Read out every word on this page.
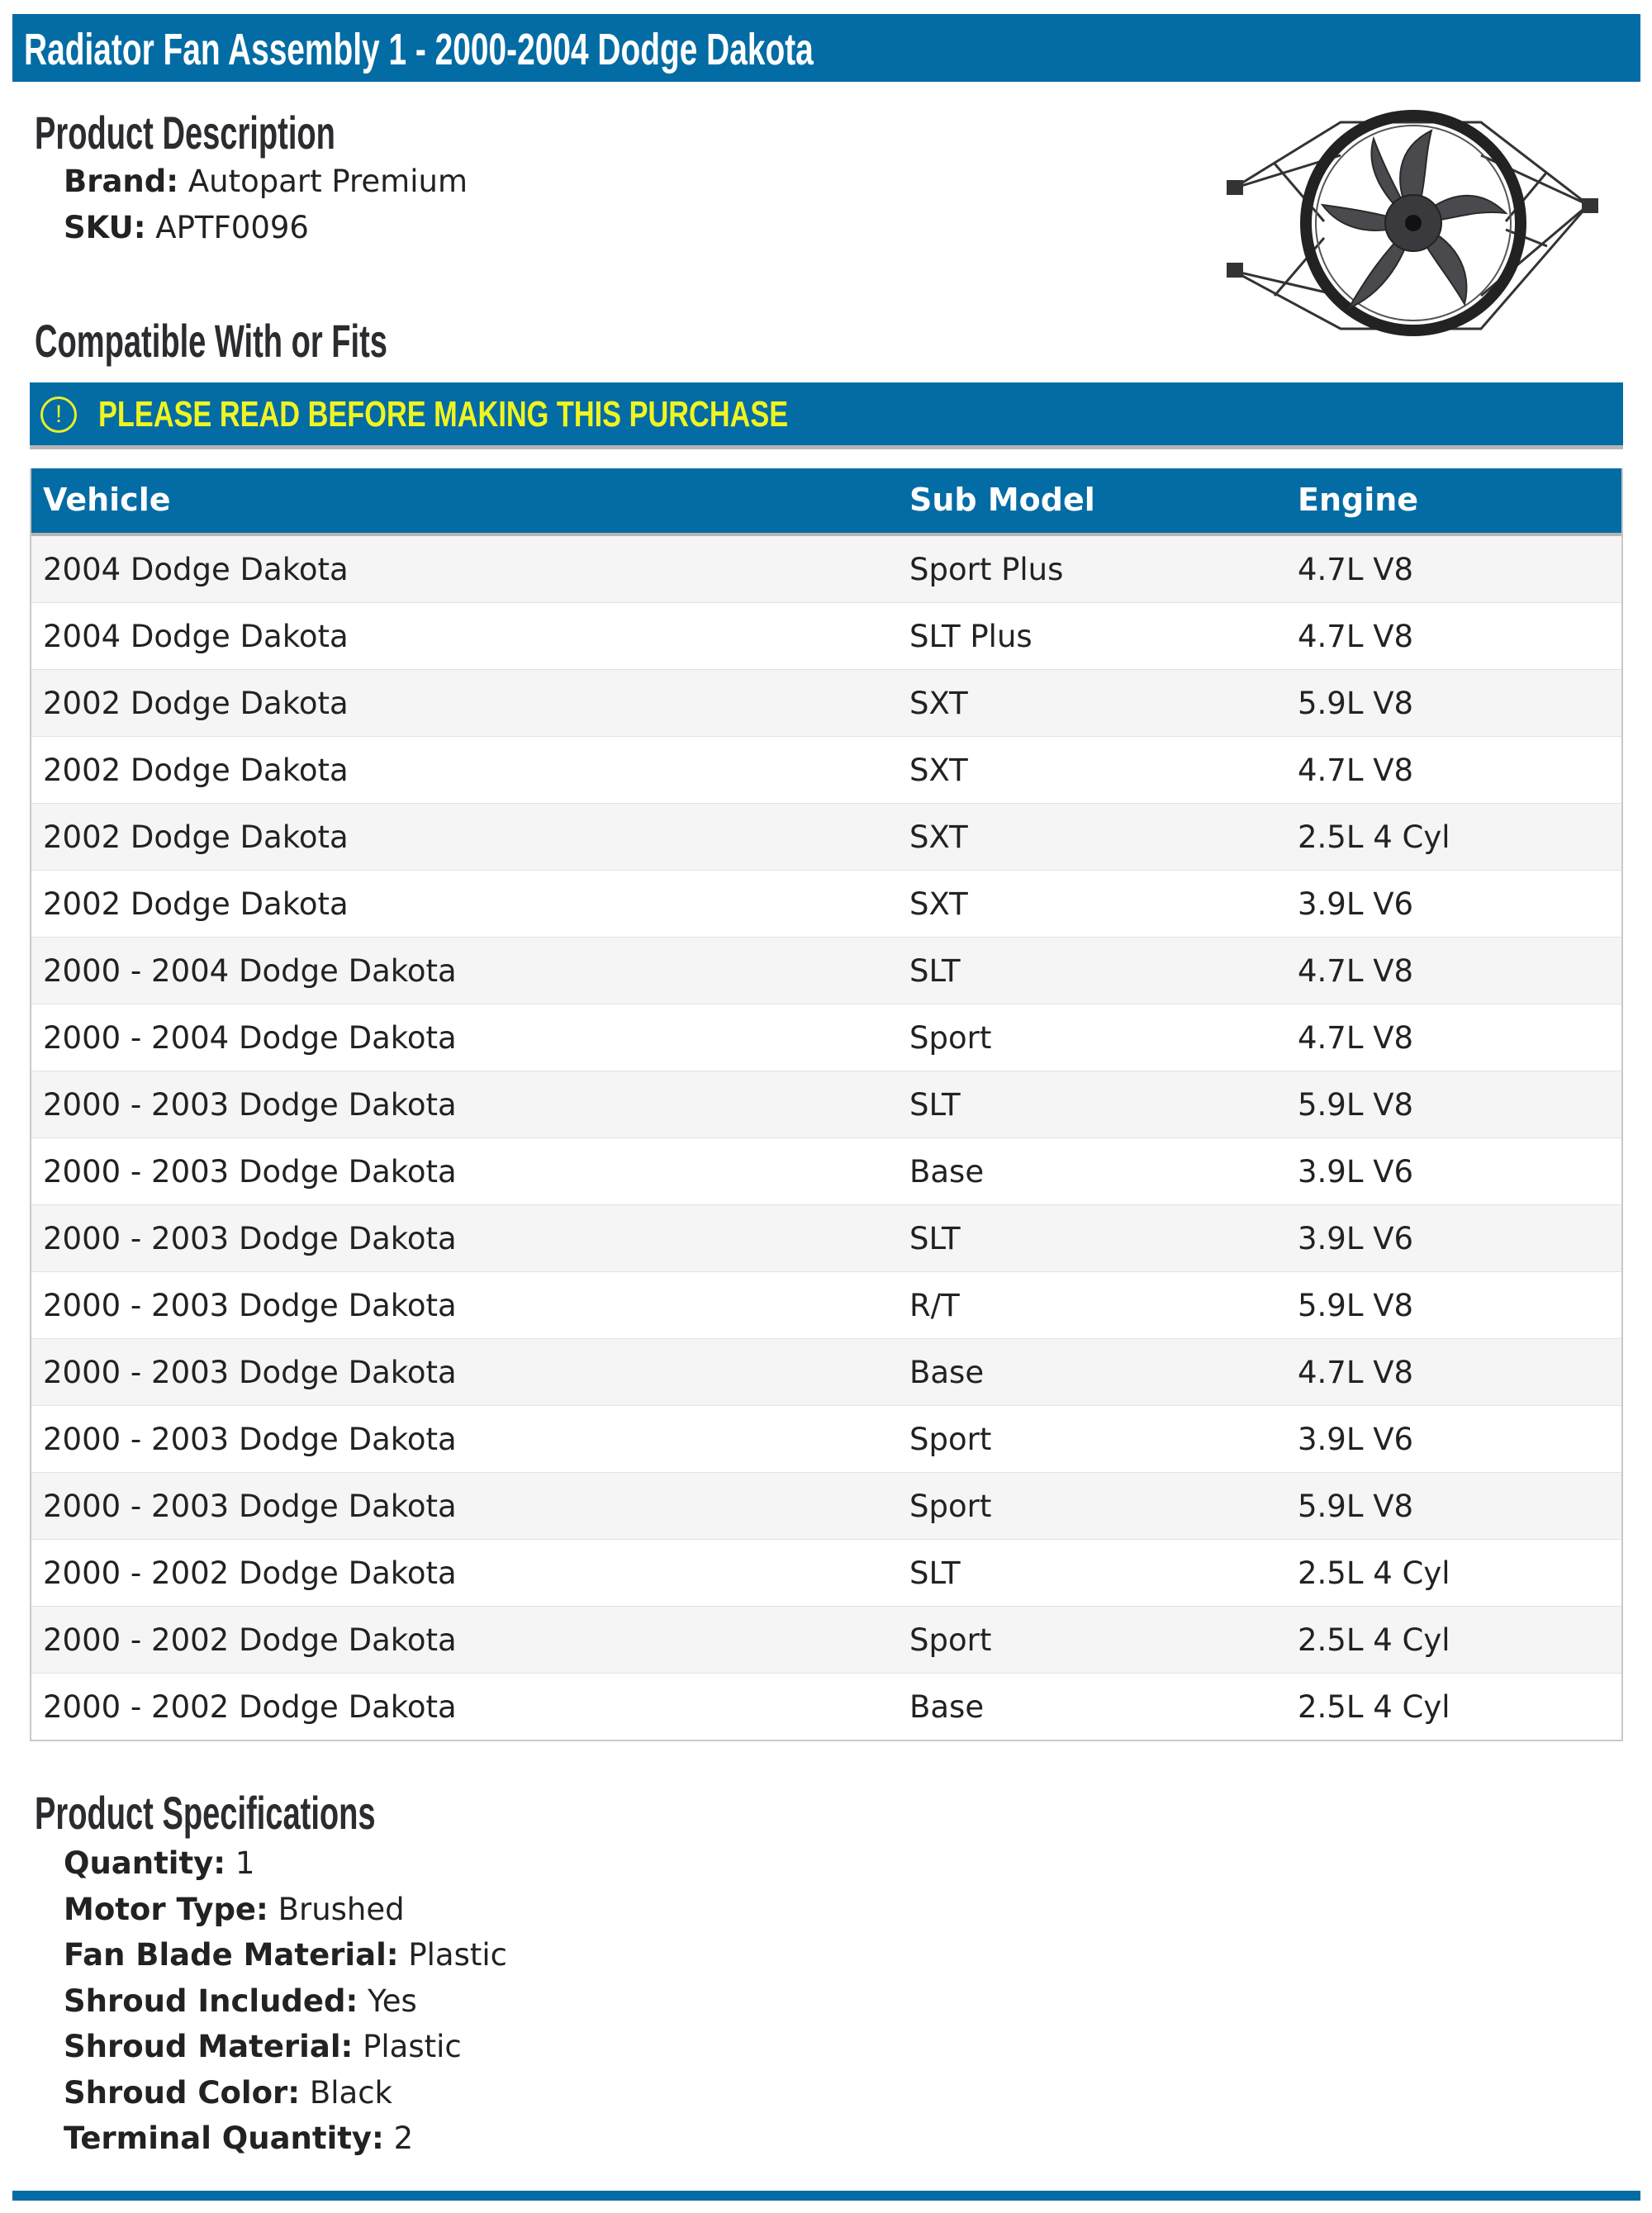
Radiator Fan Assembly 1 - 2000-2004 Dodge Dakota
Product Description
Brand: Autopart Premium
SKU: APTF0096
Compatible With or Fits
! PLEASE READ BEFORE MAKING THIS PURCHASE
Vehicle	Sub Model	Engine
2004 Dodge Dakota	Sport Plus	4.7L V8
2004 Dodge Dakota	SLT Plus	4.7L V8
2002 Dodge Dakota	SXT	5.9L V8
2002 Dodge Dakota	SXT	4.7L V8
2002 Dodge Dakota	SXT	2.5L 4 Cyl
2002 Dodge Dakota	SXT	3.9L V6
2000 - 2004 Dodge Dakota	SLT	4.7L V8
2000 - 2004 Dodge Dakota	Sport	4.7L V8
2000 - 2003 Dodge Dakota	SLT	5.9L V8
2000 - 2003 Dodge Dakota	Base	3.9L V6
2000 - 2003 Dodge Dakota	SLT	3.9L V6
2000 - 2003 Dodge Dakota	R/T	5.9L V8
2000 - 2003 Dodge Dakota	Base	4.7L V8
2000 - 2003 Dodge Dakota	Sport	3.9L V6
2000 - 2003 Dodge Dakota	Sport	5.9L V8
2000 - 2002 Dodge Dakota	SLT	2.5L 4 Cyl
2000 - 2002 Dodge Dakota	Sport	2.5L 4 Cyl
2000 - 2002 Dodge Dakota	Base	2.5L 4 Cyl
Product Specifications
Quantity: 1
Motor Type: Brushed
Fan Blade Material: Plastic
Shroud Included: Yes
Shroud Material: Plastic
Shroud Color: Black
Terminal Quantity: 2
